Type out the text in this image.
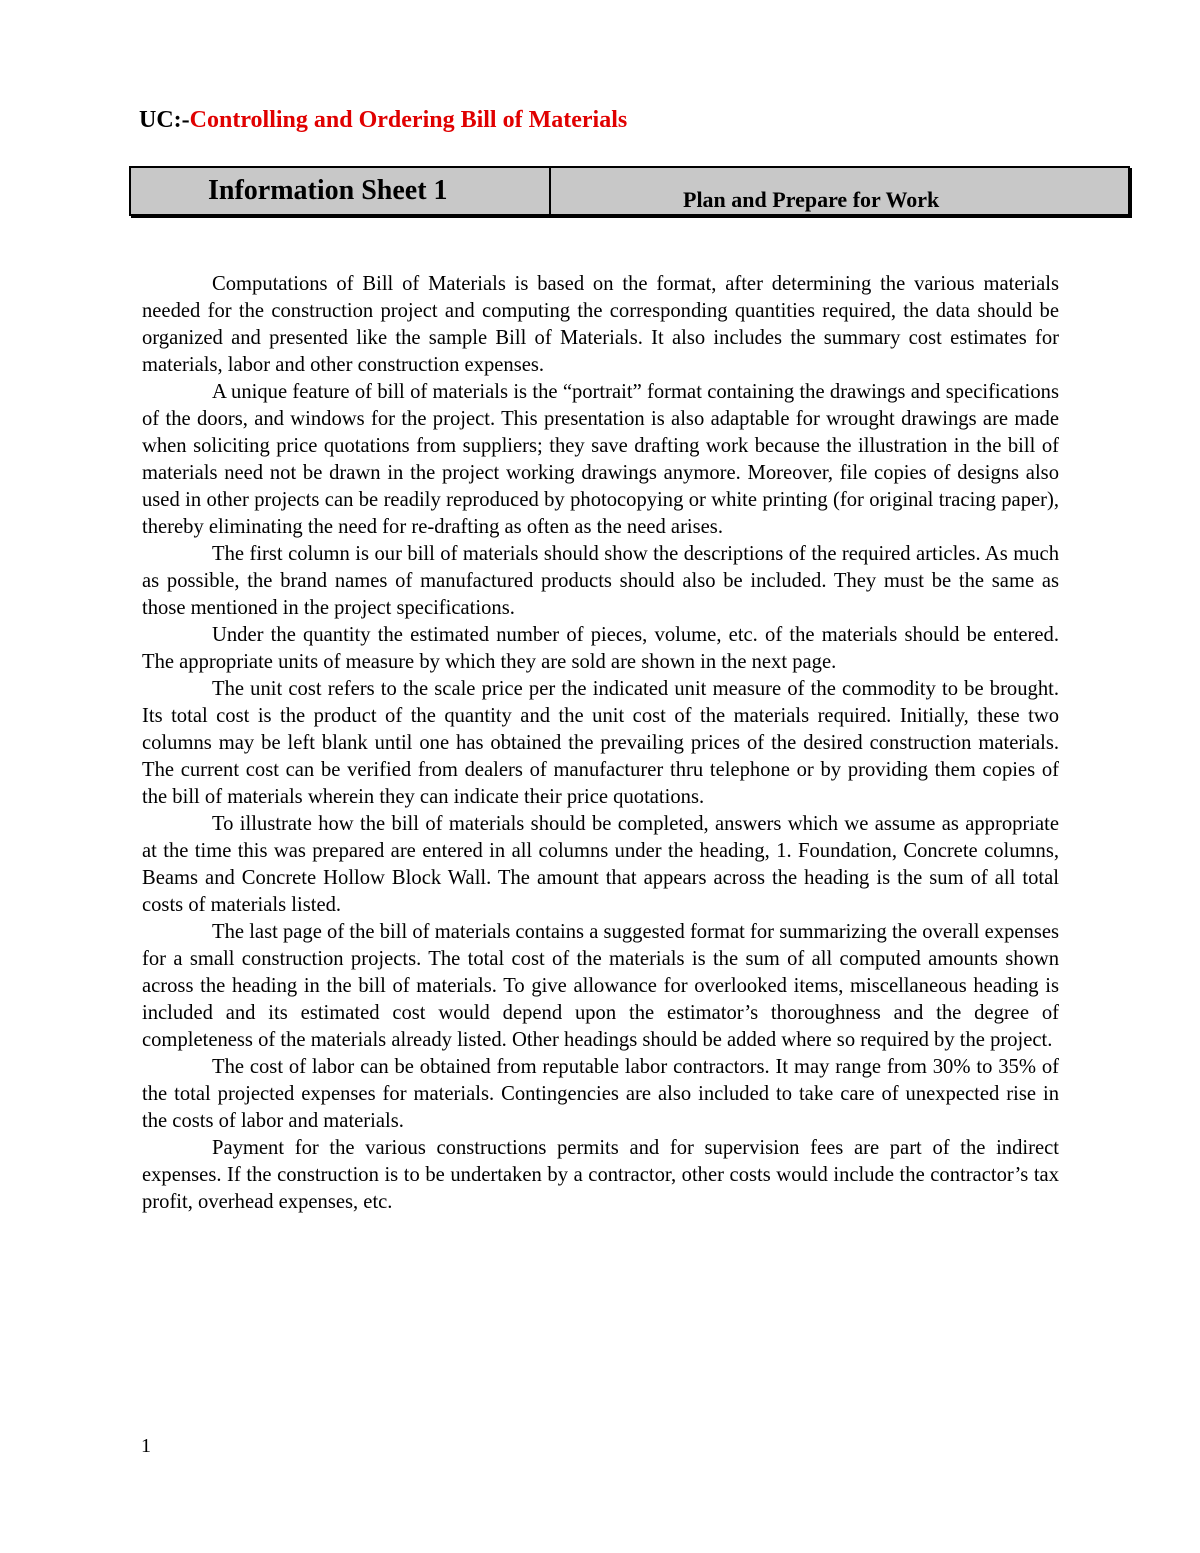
UC:-Controlling and Ordering Bill of Materials
Information Sheet 1	Plan and Prepare for Work

Computations of Bill of Materials is based on the format, after determining the various materials needed for the construction project and computing the corresponding quantities required, the data should be organized and presented like the sample Bill of Materials. It also includes the summary cost estimates for materials, labor and other construction expenses.

A unique feature of bill of materials is the “portrait” format containing the drawings and specifications of the doors, and windows for the project. This presentation is also adaptable for wrought drawings are made when soliciting price quotations from suppliers; they save drafting work because the illustration in the bill of materials need not be drawn in the project working drawings anymore. Moreover, file copies of designs also used in other projects can be readily reproduced by photocopying or white printing (for original tracing paper), thereby eliminating the need for re-drafting as often as the need arises.

The first column is our bill of materials should show the descriptions of the required articles. As much as possible, the brand names of manufactured products should also be included. They must be the same as those mentioned in the project specifications.

Under the quantity the estimated number of pieces, volume, etc. of the materials should be entered. The appropriate units of measure by which they are sold are shown in the next page.

The unit cost refers to the scale price per the indicated unit measure of the commodity to be brought. Its total cost is the product of the quantity and the unit cost of the materials required. Initially, these two columns may be left blank until one has obtained the prevailing prices of the desired construction materials. The current cost can be verified from dealers of manufacturer thru telephone or by providing them copies of the bill of materials wherein they can indicate their price quotations.

To illustrate how the bill of materials should be completed, answers which we assume as appropriate at the time this was prepared are entered in all columns under the heading, 1. Foundation, Concrete columns, Beams and Concrete Hollow Block Wall. The amount that appears across the heading is the sum of all total costs of materials listed.

The last page of the bill of materials contains a suggested format for summarizing the overall expenses for a small construction projects. The total cost of the materials is the sum of all computed amounts shown across the heading in the bill of materials. To give allowance for overlooked items, miscellaneous heading is included and its estimated cost would depend upon the estimator’s thoroughness and the degree of completeness of the materials already listed. Other headings should be added where so required by the project.

The cost of labor can be obtained from reputable labor contractors. It may range from 30% to 35% of the total projected expenses for materials. Contingencies are also included to take care of unexpected rise in the costs of labor and materials.

Payment for the various constructions permits and for supervision fees are part of the indirect expenses. If the construction is to be undertaken by a contractor, other costs would include the contractor’s tax profit, overhead expenses, etc.

1
